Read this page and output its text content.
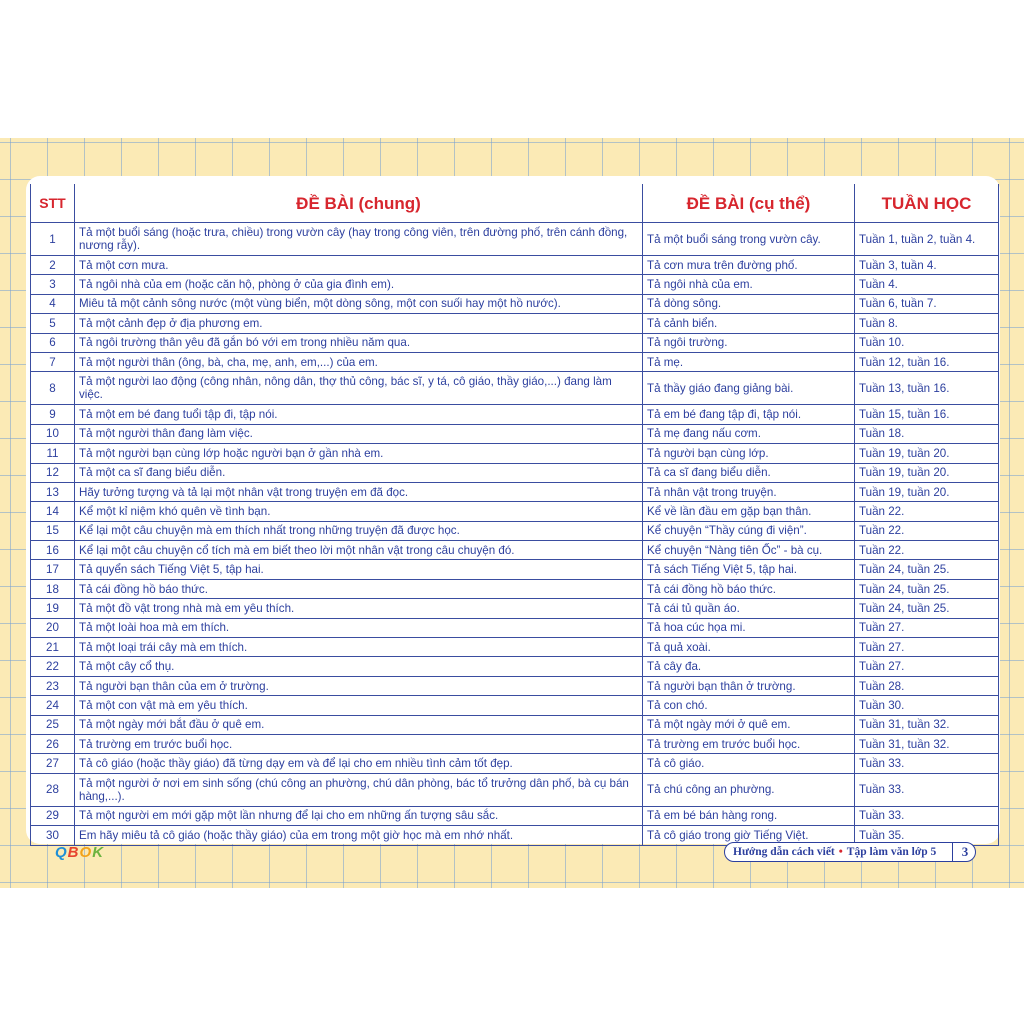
STT	ĐỀ BÀI (chung)	ĐỀ BÀI (cụ thể)	TUẦN HỌC
1	Tả một buổi sáng (hoặc trưa, chiều) trong vườn cây (hay trong công viên, trên đường phố, trên cánh đồng, nương rẫy).	Tả một buổi sáng trong vườn cây.	Tuần 1, tuần 2, tuần 4.
2	Tả một cơn mưa.	Tả cơn mưa trên đường phố.	Tuần 3, tuần 4.
3	Tả ngôi nhà của em (hoặc căn hộ, phòng ở của gia đình em).	Tả ngôi nhà của em.	Tuần 4.
4	Miêu tả một cảnh sông nước (một vùng biển, một dòng sông, một con suối hay một hồ nước).	Tả dòng sông.	Tuần 6, tuần 7.
5	Tả một cảnh đẹp ở địa phương em.	Tả cảnh biển.	Tuần 8.
6	Tả ngôi trường thân yêu đã gắn bó với em trong nhiều năm qua.	Tả ngôi trường.	Tuần 10.
7	Tả một người thân (ông, bà, cha, mẹ, anh, em,...) của em.	Tả mẹ.	Tuần 12, tuần 16.
8	Tả một người lao động (công nhân, nông dân, thợ thủ công, bác sĩ, y tá, cô giáo, thầy giáo,...) đang làm việc.	Tả thầy giáo đang giảng bài.	Tuần 13, tuần 16.
9	Tả một em bé đang tuổi tập đi, tập nói.	Tả em bé đang tập đi, tập nói.	Tuần 15, tuần 16.
10	Tả một người thân đang làm việc.	Tả mẹ đang nấu cơm.	Tuần 18.
11	Tả một người bạn cùng lớp hoặc người bạn ở gần nhà em.	Tả người bạn cùng lớp.	Tuần 19, tuần 20.
12	Tả một ca sĩ đang biểu diễn.	Tả ca sĩ đang biểu diễn.	Tuần 19, tuần 20.
13	Hãy tưởng tượng và tả lại một nhân vật trong truyện em đã đọc.	Tả nhân vật trong truyện.	Tuần 19, tuần 20.
14	Kể một kỉ niệm khó quên về tình bạn.	Kể về lần đầu em gặp bạn thân.	Tuần 22.
15	Kể lại một câu chuyện mà em thích nhất trong những truyện đã được học.	Kể chuyện “Thầy cúng đi viện”.	Tuần 22.
16	Kể lại một câu chuyện cổ tích mà em biết theo lời một nhân vật trong câu chuyện đó.	Kể chuyện “Nàng tiên Ốc” - bà cụ.	Tuần 22.
17	Tả quyển sách Tiếng Việt 5, tập hai.	Tả sách Tiếng Việt 5, tập hai.	Tuần 24, tuần 25.
18	Tả cái đồng hồ báo thức.	Tả cái đồng hồ báo thức.	Tuần 24, tuần 25.
19	Tả một đồ vật trong nhà mà em yêu thích.	Tả cái tủ quần áo.	Tuần 24, tuần 25.
20	Tả một loài hoa mà em thích.	Tả hoa cúc họa mi.	Tuần 27.
21	Tả một loại trái cây mà em thích.	Tả quả xoài.	Tuần 27.
22	Tả một cây cổ thụ.	Tả cây đa.	Tuần 27.
23	Tả người bạn thân của em ở trường.	Tả người bạn thân ở trường.	Tuần 28.
24	Tả một con vật mà em yêu thích.	Tả con chó.	Tuần 30.
25	Tả một ngày mới bắt đầu ở quê em.	Tả một ngày mới ở quê em.	Tuần 31, tuần 32.
26	Tả trường em trước buổi học.	Tả trường em trước buổi học.	Tuần 31, tuần 32.
27	Tả cô giáo (hoặc thầy giáo) đã từng dạy em và để lại cho em nhiều tình cảm tốt đẹp.	Tả cô giáo.	Tuần 33.
28	Tả một người ở nơi em sinh sống (chú công an phường, chú dân phòng, bác tổ trưởng dân phố, bà cụ bán hàng,...).	Tả chú công an phường.	Tuần 33.
29	Tả một người em mới gặp một lần nhưng để lại cho em những ấn tượng sâu sắc.	Tả em bé bán hàng rong.	Tuần 33.
30	Em hãy miêu tả cô giáo (hoặc thầy giáo) của em trong một giờ học mà em nhớ nhất.	Tả cô giáo trong giờ Tiếng Việt.	Tuần 35.
QBOK	Hướng dẫn cách viết • Tập làm văn lớp 5	3
